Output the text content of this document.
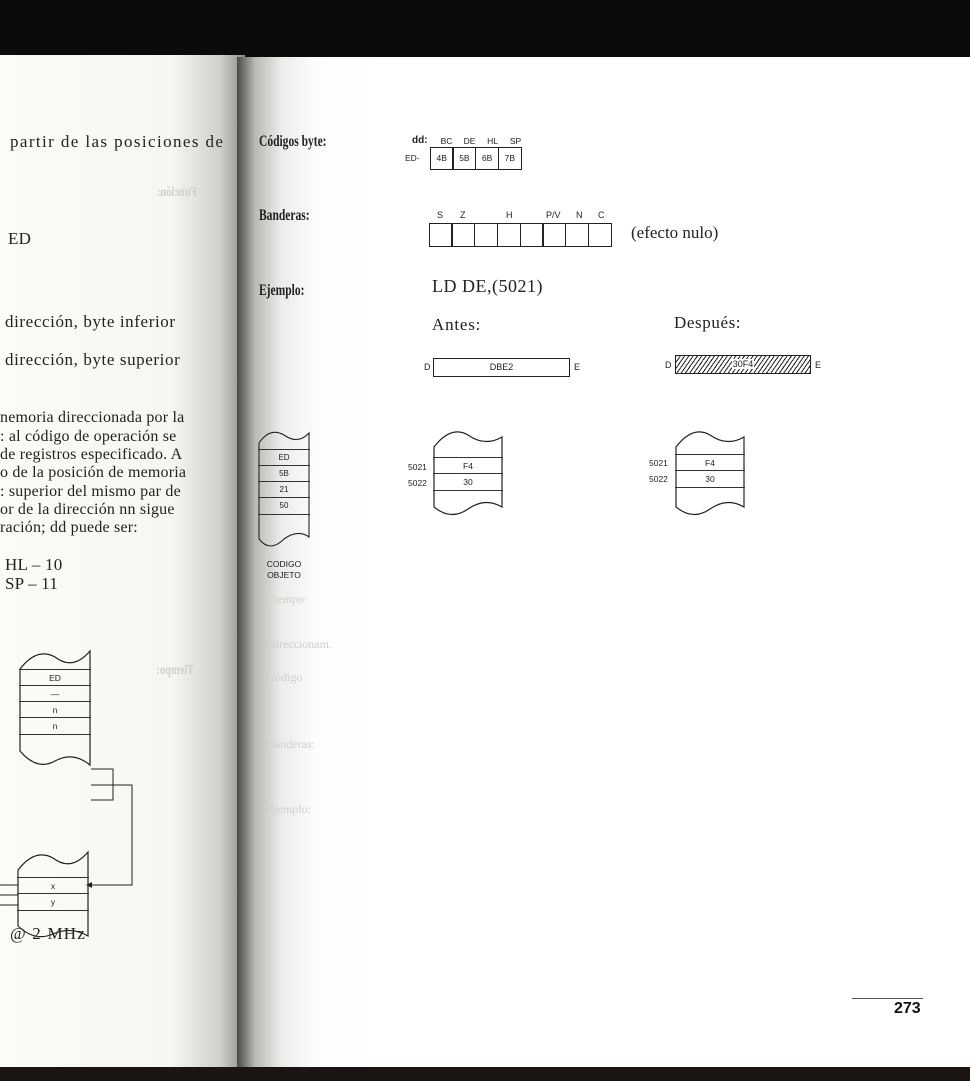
partir de las posiciones de
ED
dirección, byte inferior
dirección, byte superior
nemoria direccionada por la
: al código de operación se
de registros especificado. A
o de la posición de memoria
: superior del mismo par de
or de la dirección nn sigue
ración; dd puede ser:
HL – 10
SP – 11
ED
—
n
n
x
y
@ 2 MHz
Función:
Tiempo:
Códigos byte:
Banderas:
Ejemplo:
ED
5B
21
50
CODIGO
OBJETO
dd:	BC	DE	HL	SP
ED-	4B	5B	6B	7B
S Z	H	P/V N C
(efecto nulo)
LD DE,(5021)
Antes:	Después:
D	DBE2	E	D	30F4	E
F4
30
5021
5022
F4
30
5021
5022
Tiempo:
Direccionam.
Código
Banderas:
Ejemplo:
273
